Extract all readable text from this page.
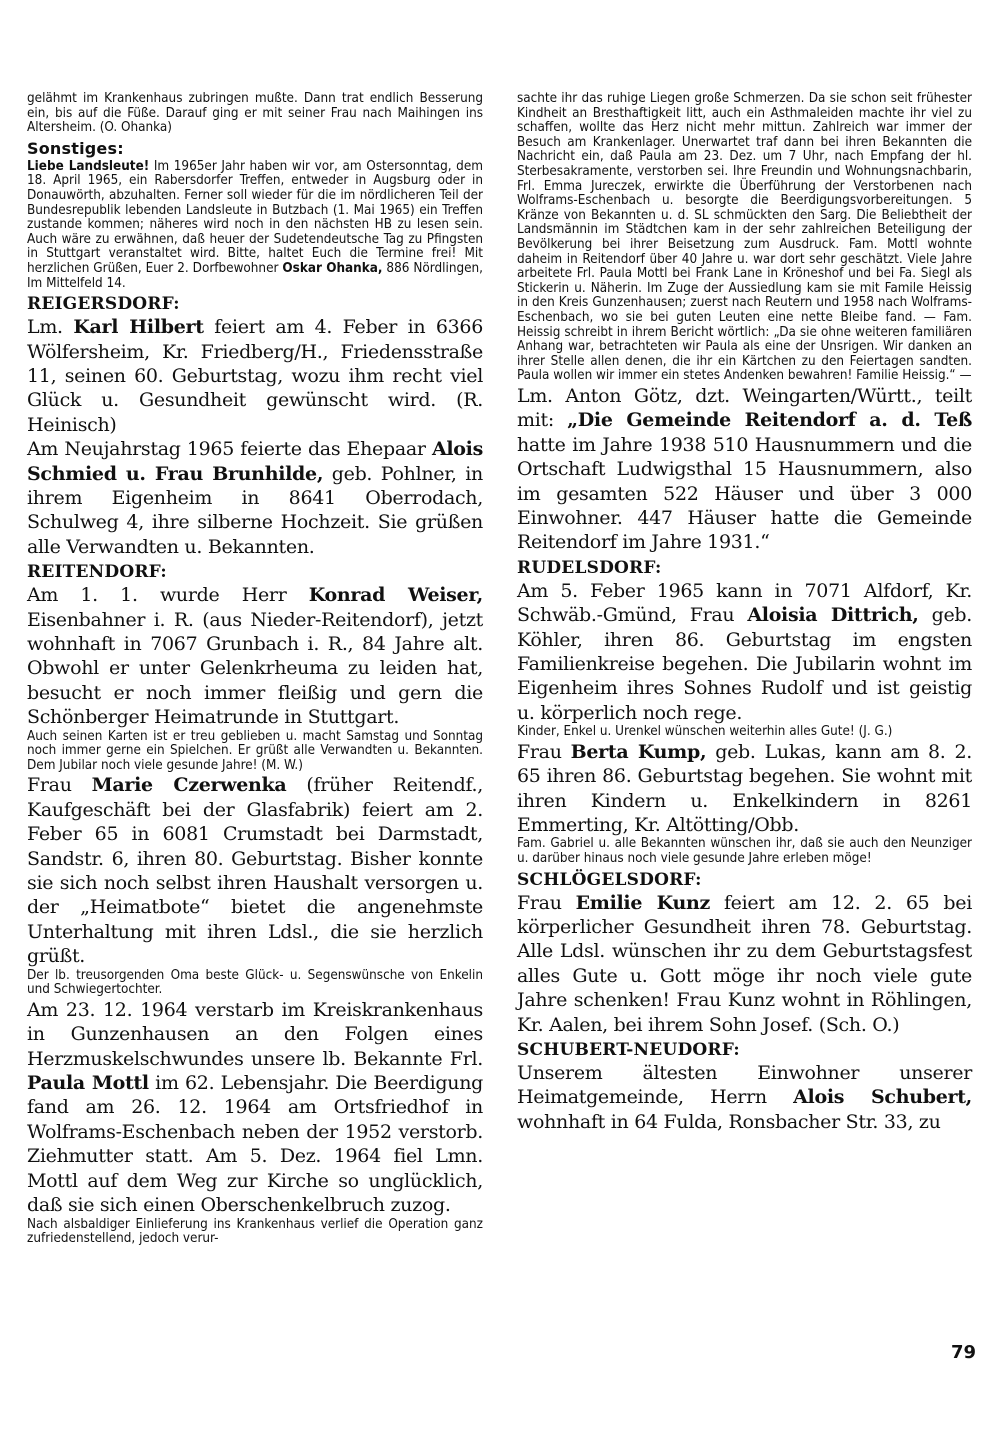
gelähmt im Krankenhaus zubringen mußte. Dann trat endlich Besserung ein, bis auf die Füße. Darauf ging er mit seiner Frau nach Maihingen ins Altersheim. (O. Ohanka)

Sonstiges:

Liebe Landsleute! Im 1965er Jahr haben wir vor, am Ostersonntag, dem 18. April 1965, ein Rabersdorfer Treffen, entweder in Augsburg oder in Donauwörth, abzuhalten. Ferner soll wieder für die im nördlicheren Teil der Bundesrepublik lebenden Landsleute in Butzbach (1. Mai 1965) ein Treffen zustande kommen; näheres wird noch in den nächsten HB zu lesen sein. Auch wäre zu erwähnen, daß heuer der Sudetendeutsche Tag zu Pfingsten in Stuttgart veranstaltet wird. Bitte, haltet Euch die Termine frei! Mit herzlichen Grüßen, Euer 2. Dorfbewohner Oskar Ohanka, 886 Nördlingen, Im Mittelfeld 14.

REIGERSDORF:

Lm. Karl Hilbert feiert am 4. Feber in 6366 Wölfersheim, Kr. Friedberg/H., Friedensstraße 11, seinen 60. Geburtstag, wozu ihm recht viel Glück u. Gesundheit gewünscht wird. (R. Heinisch)

Am Neujahrstag 1965 feierte das Ehepaar Alois Schmied u. Frau Brunhilde, geb. Pohlner, in ihrem Eigenheim in 8641 Oberrodach, Schulweg 4, ihre silberne Hochzeit. Sie grüßen alle Verwandten u. Bekannten.

REITENDORF:

Am 1. 1. wurde Herr Konrad Weiser, Eisenbahner i. R. (aus Nieder-Reitendorf), jetzt wohnhaft in 7067 Grunbach i. R., 84 Jahre alt. Obwohl er unter Gelenkrheuma zu leiden hat, besucht er noch immer fleißig und gern die Schönberger Heimatrunde in Stuttgart.

Auch seinen Karten ist er treu geblieben u. macht Samstag und Sonntag noch immer gerne ein Spielchen. Er grüßt alle Verwandten u. Bekannten. Dem Jubilar noch viele gesunde Jahre! (M. W.)

Frau Marie Czerwenka (früher Reitendf., Kaufgeschäft bei der Glasfabrik) feiert am 2. Feber 65 in 6081 Crumstadt bei Darmstadt, Sandstr. 6, ihren 80. Geburtstag. Bisher konnte sie sich noch selbst ihren Haushalt versorgen u. der „Heimatbote“ bietet die angenehmste Unterhaltung mit ihren Ldsl., die sie herzlich grüßt.

Der lb. treusorgenden Oma beste Glück- u. Segenswünsche von Enkelin und Schwiegertochter.

Am 23. 12. 1964 verstarb im Kreiskrankenhaus in Gunzenhausen an den Folgen eines Herzmuskelschwundes unsere lb. Bekannte Frl. Paula Mottl im 62. Lebensjahr. Die Beerdigung fand am 26. 12. 1964 am Ortsfriedhof in Wolframs-Eschenbach neben der 1952 verstorb. Ziehmutter statt. Am 5. Dez. 1964 fiel Lmn. Mottl auf dem Weg zur Kirche so unglücklich, daß sie sich einen Oberschenkelbruch zuzog.

Nach alsbaldiger Einlieferung ins Krankenhaus verlief die Operation ganz zufriedenstellend, jedoch verur-

sachte ihr das ruhige Liegen große Schmerzen. Da sie schon seit frühester Kindheit an Bresthaftigkeit litt, auch ein Asthmaleiden machte ihr viel zu schaffen, wollte das Herz nicht mehr mittun. Zahlreich war immer der Besuch am Krankenlager. Unerwartet traf dann bei ihren Bekannten die Nachricht ein, daß Paula am 23. Dez. um 7 Uhr, nach Empfang der hl. Sterbesakramente, verstorben sei. Ihre Freundin und Wohnungsnachbarin, Frl. Emma Jureczek, erwirkte die Überführung der Verstorbenen nach Wolframs-Eschenbach u. besorgte die Beerdigungsvorbereitungen. 5 Kränze von Bekannten u. d. SL schmückten den Sarg. Die Beliebtheit der Landsmännin im Städtchen kam in der sehr zahlreichen Beteiligung der Bevölkerung bei ihrer Beisetzung zum Ausdruck. Fam. Mottl wohnte daheim in Reitendorf über 40 Jahre u. war dort sehr geschätzt. Viele Jahre arbeitete Frl. Paula Mottl bei Frank Lane in Kröneshof und bei Fa. Siegl als Stickerin u. Näherin. Im Zuge der Aussiedlung kam sie mit Famile Heissig in den Kreis Gunzenhausen; zuerst nach Reutern und 1958 nach Wolframs-Eschenbach, wo sie bei guten Leuten eine nette Bleibe fand. — Fam. Heissig schreibt in ihrem Bericht wörtlich: „Da sie ohne weiteren familiären Anhang war, betrachteten wir Paula als eine der Unsrigen. Wir danken an ihrer Stelle allen denen, die ihr ein Kärtchen zu den Feiertagen sandten. Paula wollen wir immer ein stetes Andenken bewahren! Familie Heissig.“ —

Lm. Anton Götz, dzt. Weingarten/Württ., teilt mit: „Die Gemeinde Reitendorf a. d. Teß hatte im Jahre 1938 510 Hausnummern und die Ortschaft Ludwigsthal 15 Hausnummern, also im gesamten 522 Häuser und über 3 000 Einwohner. 447 Häuser hatte die Gemeinde Reitendorf im Jahre 1931.“

RUDELSDORF:

Am 5. Feber 1965 kann in 7071 Alfdorf, Kr. Schwäb.-Gmünd, Frau Aloisia Dittrich, geb. Köhler, ihren 86. Geburtstag im engsten Familienkreise begehen. Die Jubilarin wohnt im Eigenheim ihres Sohnes Rudolf und ist geistig u. körperlich noch rege.

Kinder, Enkel u. Urenkel wünschen weiterhin alles Gute! (J. G.)

Frau Berta Kump, geb. Lukas, kann am 8. 2. 65 ihren 86. Geburtstag begehen. Sie wohnt mit ihren Kindern u. Enkelkindern in 8261 Emmerting, Kr. Altötting/Obb.

Fam. Gabriel u. alle Bekannten wünschen ihr, daß sie auch den Neunziger u. darüber hinaus noch viele gesunde Jahre erleben möge!

SCHLÖGELSDORF:

Frau Emilie Kunz feiert am 12. 2. 65 bei körperlicher Gesundheit ihren 78. Geburtstag. Alle Ldsl. wünschen ihr zu dem Geburtstagsfest alles Gute u. Gott möge ihr noch viele gute Jahre schenken! Frau Kunz wohnt in Röhlingen, Kr. Aalen, bei ihrem Sohn Josef. (Sch. O.)

SCHUBERT-NEUDORF:

Unserem ältesten Einwohner unserer Heimatgemeinde, Herrn Alois Schubert, wohnhaft in 64 Fulda, Ronsbacher Str. 33, zu

79
